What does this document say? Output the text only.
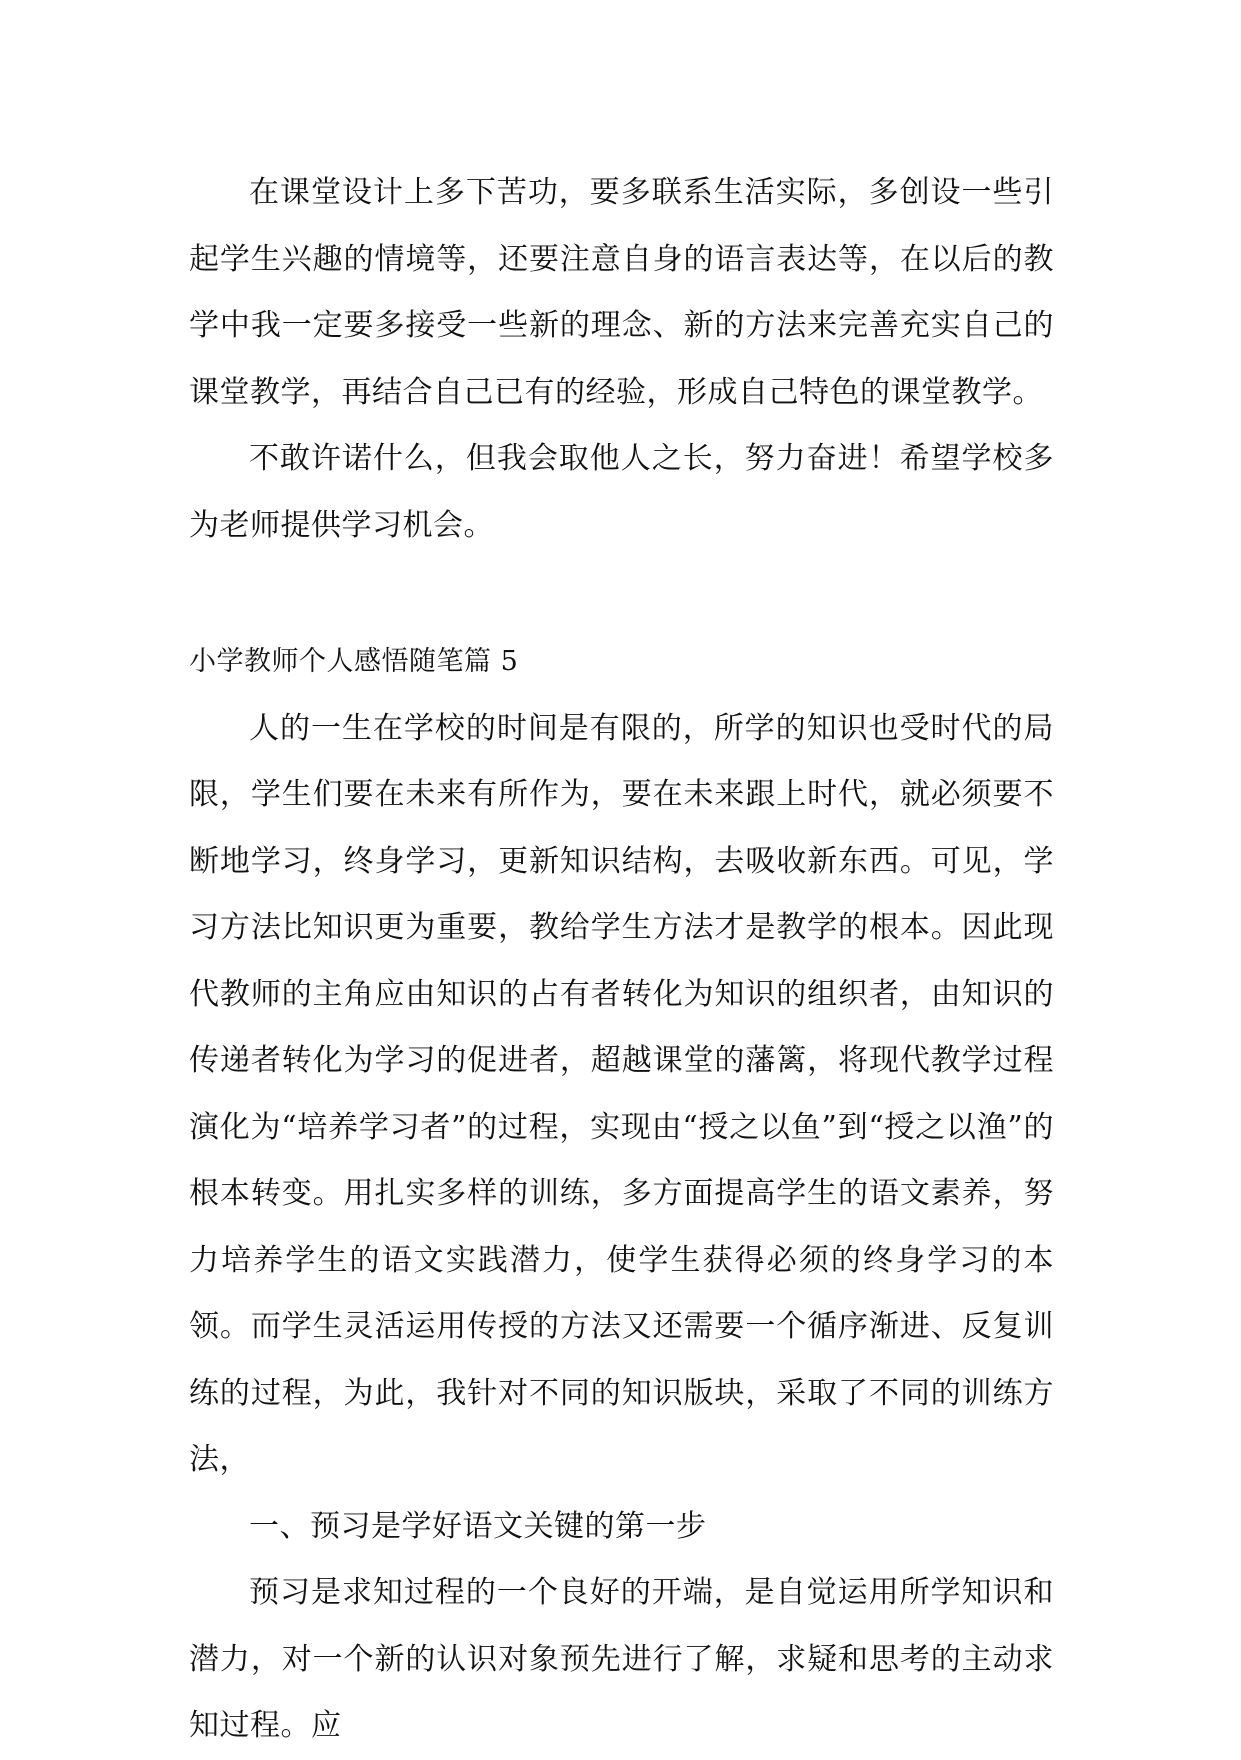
在课堂设计上多下苦功，要多联系生活实际，多创设一些引起学生兴趣的情境等，还要注意自身的语言表达等，在以后的教学中我一定要多接受一些新的理念、新的方法来完善充实自己的课堂教学，再结合自己已有的经验，形成自己特色的课堂教学。

不敢许诺什么，但我会取他人之长，努力奋进！希望学校多为老师提供学习机会。

小学教师个人感悟随笔篇 5

人的一生在学校的时间是有限的，所学的知识也受时代的局限，学生们要在未来有所作为，要在未来跟上时代，就必须要不断地学习，终身学习，更新知识结构，去吸收新东西。可见，学习方法比知识更为重要，教给学生方法才是教学的根本。因此现代教师的主角应由知识的占有者转化为知识的组织者，由知识的传递者转化为学习的促进者，超越课堂的藩篱，将现代教学过程演化为“培养学习者”的过程，实现由“授之以鱼”到“授之以渔”的根本转变。用扎实多样的训练，多方面提高学生的语文素养，努力培养学生的语文实践潜力，使学生获得必须的终身学习的本领。而学生灵活运用传授的方法又还需要一个循序渐进、反复训练的过程，为此，我针对不同的知识版块，采取了不同的训练方法，

一、预习是学好语文关键的第一步

预习是求知过程的一个良好的开端，是自觉运用所学知识和潜力，对一个新的认识对象预先进行了解，求疑和思考的主动求知过程。应
